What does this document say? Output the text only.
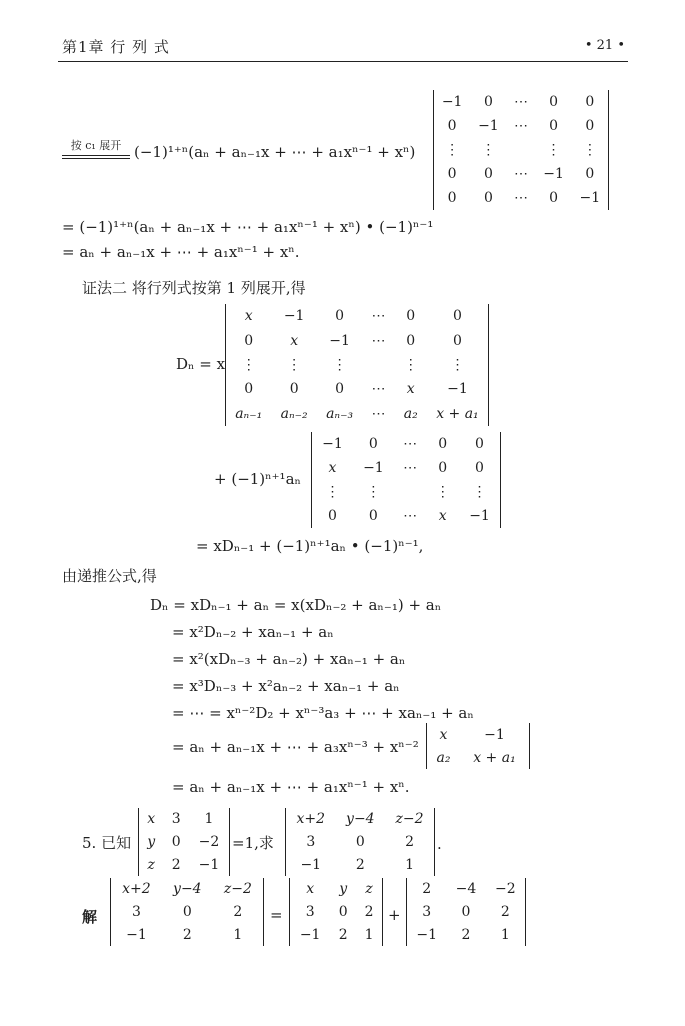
第1章 行 列 式	• 21 •
按 c₁ 展开 (−1)¹⁺ⁿ(aₙ + aₙ₋₁x + ⋯ + a₁xⁿ⁻¹ + xⁿ)
−1	0	⋯	0	0
0	−1	⋯	0	0
⋮	⋮		⋮	⋮
0	0	⋯	−1	0
0	0	⋯	0	−1
= (−1)¹⁺ⁿ(aₙ + aₙ₋₁x + ⋯ + a₁xⁿ⁻¹ + xⁿ) • (−1)ⁿ⁻¹
= aₙ + aₙ₋₁x + ⋯ + a₁xⁿ⁻¹ + xⁿ.
证法二 将行列式按第 1 列展开,得
Dₙ = x
x	−1	0	⋯	0	0
0	x	−1	⋯	0	0
⋮	⋮	⋮		⋮	⋮
0	0	0	⋯	x	−1
aₙ₋₁	aₙ₋₂	aₙ₋₃	⋯	a₂	x + a₁
+ (−1)ⁿ⁺¹aₙ
−1	0	⋯	0	0
x	−1	⋯	0	0
⋮	⋮		⋮	⋮
0	0	⋯	x	−1
= xDₙ₋₁ + (−1)ⁿ⁺¹aₙ • (−1)ⁿ⁻¹,
由递推公式,得
Dₙ = xDₙ₋₁ + aₙ = x(xDₙ₋₂ + aₙ₋₁) + aₙ
= x²Dₙ₋₂ + xaₙ₋₁ + aₙ
= x²(xDₙ₋₃ + aₙ₋₂) + xaₙ₋₁ + aₙ
= x³Dₙ₋₃ + x²aₙ₋₂ + xaₙ₋₁ + aₙ
= ⋯ = xⁿ⁻²D₂ + xⁿ⁻³a₃ + ⋯ + xaₙ₋₁ + aₙ
= aₙ + aₙ₋₁x + ⋯ + a₃xⁿ⁻³ + xⁿ⁻²
x	−1
a₂	x + a₁
= aₙ + aₙ₋₁x + ⋯ + a₁xⁿ⁻¹ + xⁿ.
5. 已知
x	3	1
y	0	−2
z	2	−1
=1,求
x+2	y−4	z−2
3	0	2
−1	2	1
.
解
x+2	y−4	z−2
3	0	2
−1	2	1
=
x	y	z
3	0	2
−1	2	1
+
2	−4	−2
3	0	2
−1	2	1
